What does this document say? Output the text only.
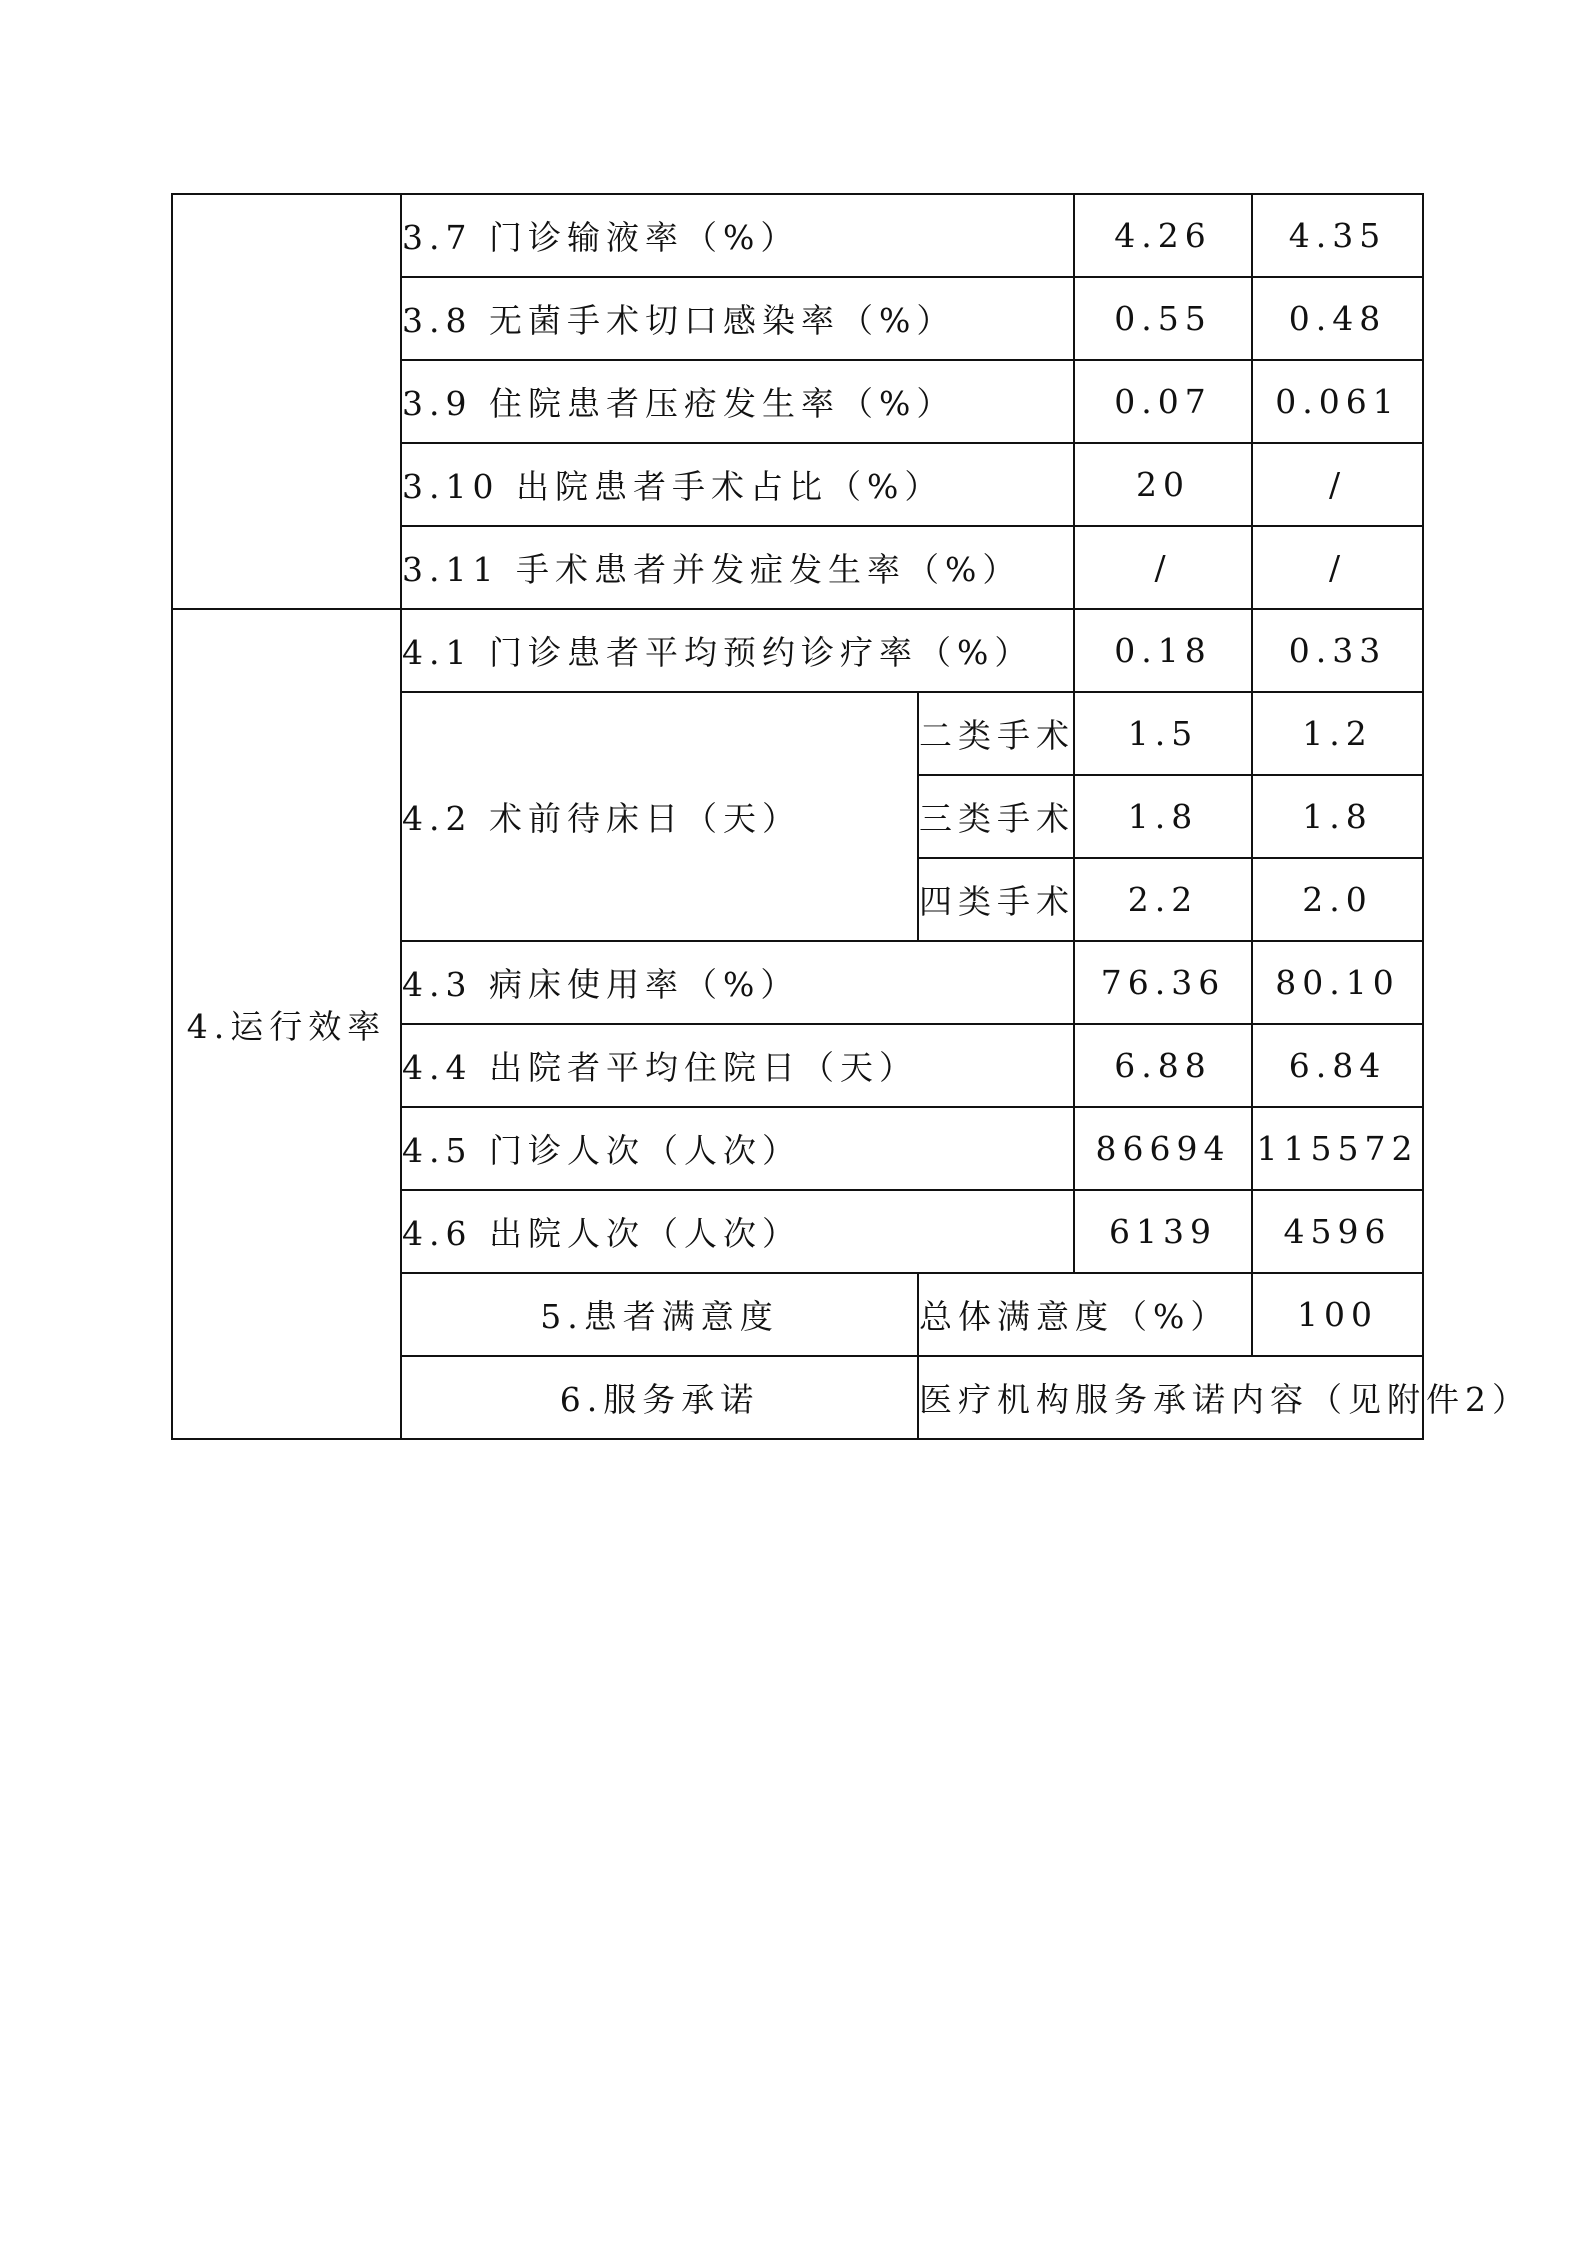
	3.7 门诊输液率（%）		4.26	4.35	
	3.8 无菌手术切口感染率（%）		0.55	0.48	
	3.9 住院患者压疮发生率（%）		0.07	0.061	
	3.10 出院患者手术占比（%）		20	/	
	3.11 手术患者并发症发生率（%）		/	/	
4.运行效率	4.1 门诊患者平均预约诊疗率（%）		0.18	0.33	
	4.2 术前待床日（天）	二类手术	1.5	1.2	
		三类手术	1.8	1.8	
		四类手术	2.2	2.0	
	4.3 病床使用率（%）		76.36	80.10	
	4.4 出院者平均住院日（天）		6.88	6.84	
	4.5 门诊人次（人次）		86694	115572	
	4.6 出院人次（人次）		6139	4596	
	5.患者满意度	总体满意度（%）		100	
	6.服务承诺	医疗机构服务承诺内容（见附件2）			
